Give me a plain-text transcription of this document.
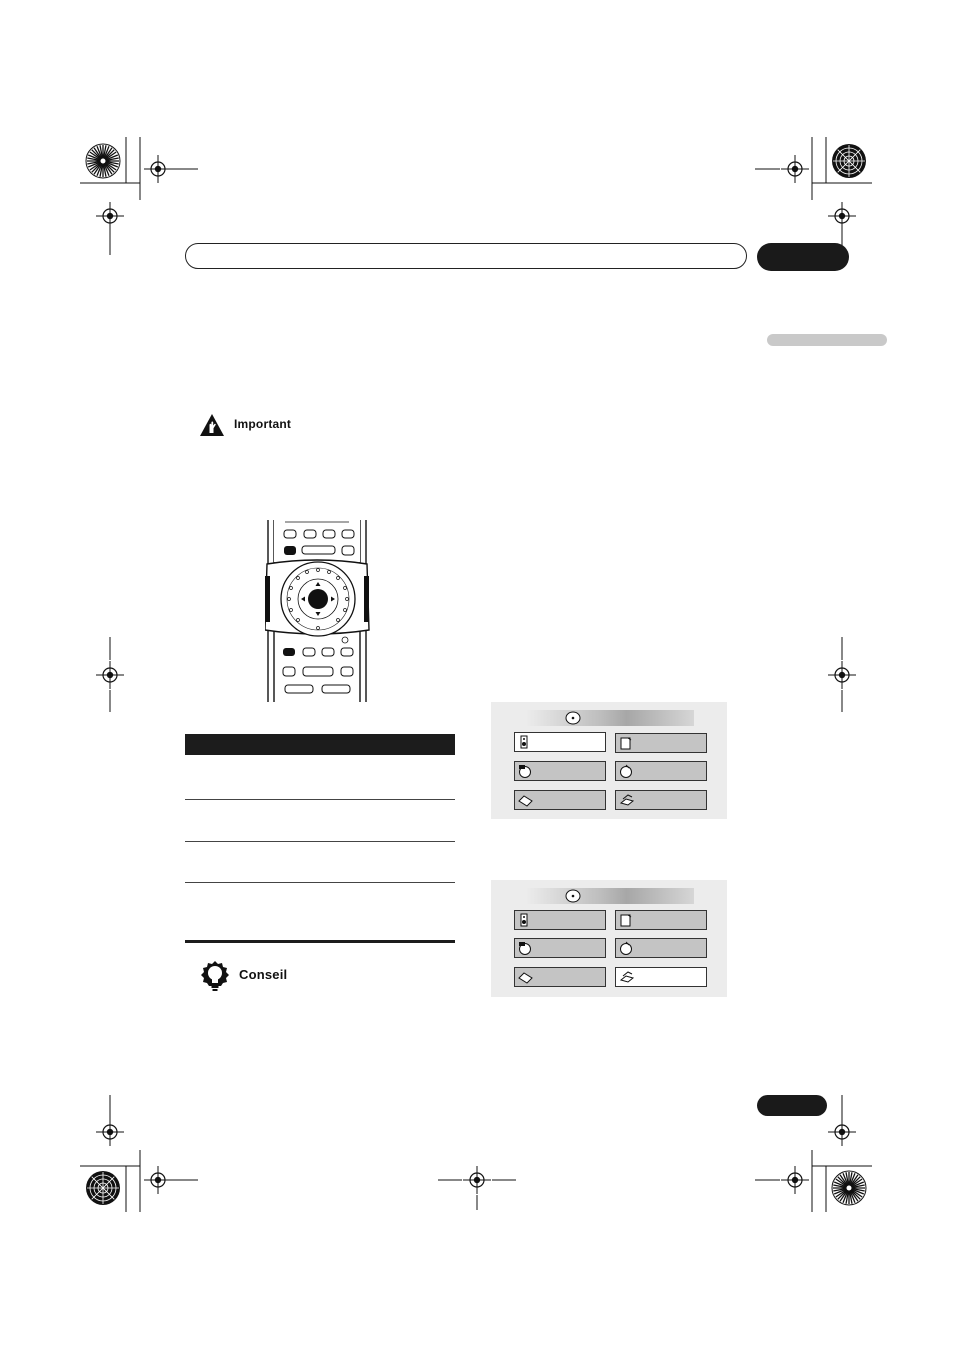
Important
Conseil
